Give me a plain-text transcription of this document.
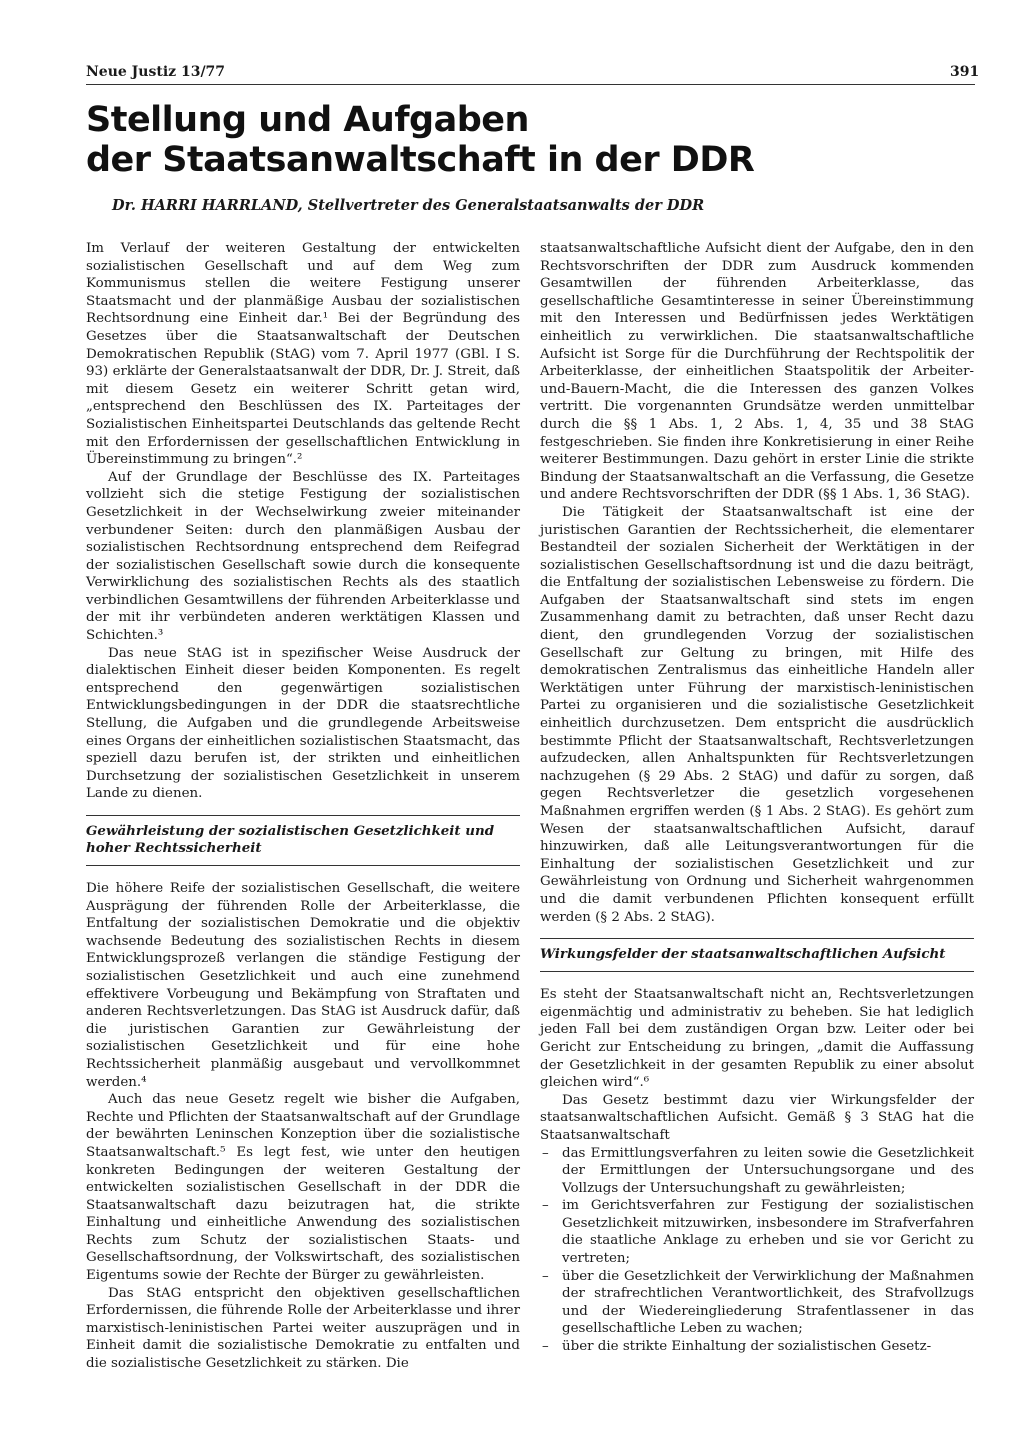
Neue Justiz 13/77	391
Stellung und Aufgaben
der Staatsanwaltschaft in der DDR
Dr. HARRI HARRLAND, Stellvertreter des Generalstaatsanwalts der DDR

Im Verlauf der weiteren Gestaltung der entwickelten sozialistischen Gesellschaft und auf dem Weg zum Kommunismus stellen die weitere Festigung unserer Staatsmacht und der planmäßige Ausbau der sozialistischen Rechtsordnung eine Einheit dar.¹ Bei der Begründung des Gesetzes über die Staatsanwaltschaft der Deutschen Demokratischen Republik (StAG) vom 7. April 1977 (GBl. I S. 93) erklärte der Generalstaatsanwalt der DDR, Dr. J. Streit, daß mit diesem Gesetz ein weiterer Schritt getan wird, „entsprechend den Beschlüssen des IX. Parteitages der Sozialistischen Einheitspartei Deutschlands das geltende Recht mit den Erfordernissen der gesellschaftlichen Entwicklung in Übereinstimmung zu bringen“.²

Auf der Grundlage der Beschlüsse des IX. Parteitages vollzieht sich die stetige Festigung der sozialistischen Gesetzlichkeit in der Wechselwirkung zweier miteinander verbundener Seiten: durch den planmäßigen Ausbau der sozialistischen Rechtsordnung entsprechend dem Reifegrad der sozialistischen Gesellschaft sowie durch die konsequente Verwirklichung des sozialistischen Rechts als des staatlich verbindlichen Gesamtwillens der führenden Arbeiterklasse und der mit ihr verbündeten anderen werktätigen Klassen und Schichten.³

Das neue StAG ist in spezifischer Weise Ausdruck der dialektischen Einheit dieser beiden Komponenten. Es regelt entsprechend den gegenwärtigen sozialistischen Entwicklungsbedingungen in der DDR die staatsrechtliche Stellung, die Aufgaben und die grundlegende Arbeitsweise eines Organs der einheitlichen sozialistischen Staatsmacht, das speziell dazu berufen ist, der strikten und einheitlichen Durchsetzung der sozialistischen Gesetzlichkeit in unserem Lande zu dienen.

Gewährleistung der sozialistischen Gesetzlichkeit und hoher Rechtssicherheit

Die höhere Reife der sozialistischen Gesellschaft, die weitere Ausprägung der führenden Rolle der Arbeiterklasse, die Entfaltung der sozialistischen Demokratie und die objektiv wachsende Bedeutung des sozialistischen Rechts in diesem Entwicklungsprozeß verlangen die ständige Festigung der sozialistischen Gesetzlichkeit und auch eine zunehmend effektivere Vorbeugung und Bekämpfung von Straftaten und anderen Rechtsverletzungen. Das StAG ist Ausdruck dafür, daß die juristischen Garantien zur Gewährleistung der sozialistischen Gesetzlichkeit und für eine hohe Rechtssicherheit planmäßig ausgebaut und vervollkommnet werden.⁴

Auch das neue Gesetz regelt wie bisher die Aufgaben, Rechte und Pflichten der Staatsanwaltschaft auf der Grundlage der bewährten Leninschen Konzeption über die sozialistische Staatsanwaltschaft.⁵ Es legt fest, wie unter den heutigen konkreten Bedingungen der weiteren Gestaltung der entwickelten sozialistischen Gesellschaft in der DDR die Staatsanwaltschaft dazu beizutragen hat, die strikte Einhaltung und einheitliche Anwendung des sozialistischen Rechts zum Schutz der sozialistischen Staats- und Gesellschaftsordnung, der Volkswirtschaft, des sozialistischen Eigentums sowie der Rechte der Bürger zu gewährleisten.

Das StAG entspricht den objektiven gesellschaftlichen Erfordernissen, die führende Rolle der Arbeiterklasse und ihrer marxistisch-leninistischen Partei weiter auszuprägen und in Einheit damit die sozialistische Demokratie zu entfalten und die sozialistische Gesetzlichkeit zu stärken. Die

staatsanwaltschaftliche Aufsicht dient der Aufgabe, den in den Rechtsvorschriften der DDR zum Ausdruck kommenden Gesamtwillen der führenden Arbeiterklasse, das gesellschaftliche Gesamtinteresse in seiner Übereinstimmung mit den Interessen und Bedürfnissen jedes Werktätigen einheitlich zu verwirklichen. Die staatsanwaltschaftliche Aufsicht ist Sorge für die Durchführung der Rechtspolitik der Arbeiterklasse, der einheitlichen Staatspolitik der Arbeiter-und-Bauern-Macht, die die Interessen des ganzen Volkes vertritt. Die vorgenannten Grundsätze werden unmittelbar durch die §§ 1 Abs. 1, 2 Abs. 1, 4, 35 und 38 StAG festgeschrieben. Sie finden ihre Konkretisierung in einer Reihe weiterer Bestimmungen. Dazu gehört in erster Linie die strikte Bindung der Staatsanwaltschaft an die Verfassung, die Gesetze und andere Rechtsvorschriften der DDR (§§ 1 Abs. 1, 36 StAG).

Die Tätigkeit der Staatsanwaltschaft ist eine der juristischen Garantien der Rechtssicherheit, die elementarer Bestandteil der sozialen Sicherheit der Werktätigen in der sozialistischen Gesellschaftsordnung ist und die dazu beiträgt, die Entfaltung der sozialistischen Lebensweise zu fördern. Die Aufgaben der Staatsanwaltschaft sind stets im engen Zusammenhang damit zu betrachten, daß unser Recht dazu dient, den grundlegenden Vorzug der sozialistischen Gesellschaft zur Geltung zu bringen, mit Hilfe des demokratischen Zentralismus das einheitliche Handeln aller Werktätigen unter Führung der marxistisch-leninistischen Partei zu organisieren und die sozialistische Gesetzlichkeit einheitlich durchzusetzen. Dem entspricht die ausdrücklich bestimmte Pflicht der Staatsanwaltschaft, Rechtsverletzungen aufzudecken, allen Anhaltspunkten für Rechtsverletzungen nachzugehen (§ 29 Abs. 2 StAG) und dafür zu sorgen, daß gegen Rechtsverletzer die gesetzlich vorgesehenen Maßnahmen ergriffen werden (§ 1 Abs. 2 StAG). Es gehört zum Wesen der staatsanwaltschaftlichen Aufsicht, darauf hinzuwirken, daß alle Leitungsverantwortungen für die Einhaltung der sozialistischen Gesetzlichkeit und zur Gewährleistung von Ordnung und Sicherheit wahrgenommen und die damit verbundenen Pflichten konsequent erfüllt werden (§ 2 Abs. 2 StAG).

Wirkungsfelder der staatsanwaltschaftlichen Aufsicht

Es steht der Staatsanwaltschaft nicht an, Rechtsverletzungen eigenmächtig und administrativ zu beheben. Sie hat lediglich jeden Fall bei dem zuständigen Organ bzw. Leiter oder bei Gericht zur Entscheidung zu bringen, „damit die Auffassung der Gesetzlichkeit in der gesamten Republik zu einer absolut gleichen wird“.⁶

Das Gesetz bestimmt dazu vier Wirkungsfelder der staatsanwaltschaftlichen Aufsicht. Gemäß § 3 StAG hat die Staatsanwaltschaft

– das Ermittlungsverfahren zu leiten sowie die Gesetzlichkeit der Ermittlungen der Untersuchungsorgane und des Vollzugs der Untersuchungshaft zu gewährleisten;
– im Gerichtsverfahren zur Festigung der sozialistischen Gesetzlichkeit mitzuwirken, insbesondere im Strafverfahren die staatliche Anklage zu erheben und sie vor Gericht zu vertreten;
– über die Gesetzlichkeit der Verwirklichung der Maßnahmen der strafrechtlichen Verantwortlichkeit, des Strafvollzugs und der Wiedereingliederung Strafentlassener in das gesellschaftliche Leben zu wachen;
– über die strikte Einhaltung der sozialistischen Gesetz-
